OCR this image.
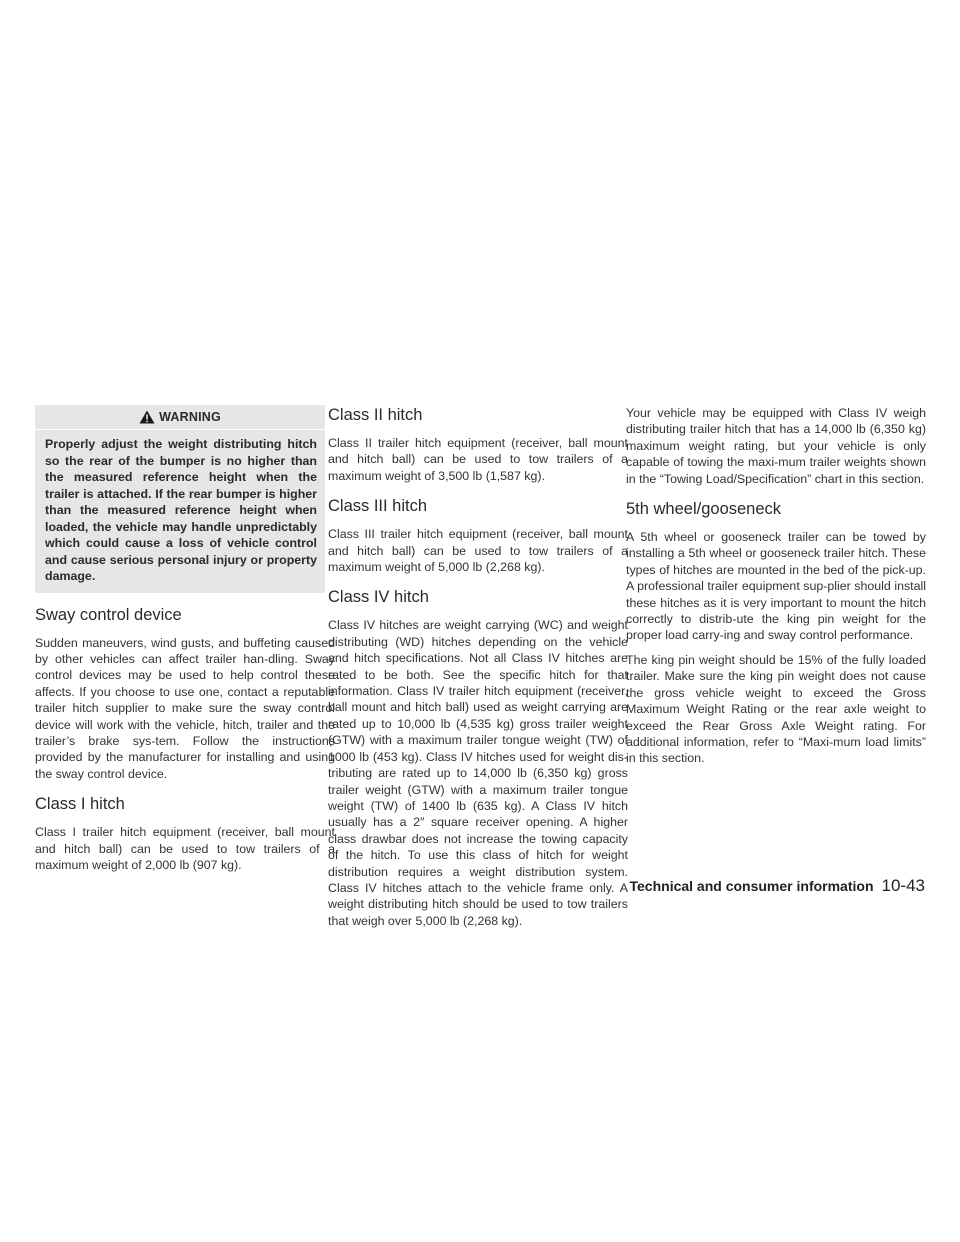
WARNING
Properly adjust the weight distributing hitch so the rear of the bumper is no higher than the measured reference height when the trailer is attached. If the rear bumper is higher than the measured reference height when loaded, the vehicle may handle unpredictably which could cause a loss of vehicle control and cause serious personal injury or property damage.
Sway control device

Sudden maneuvers, wind gusts, and buffeting caused by other vehicles can affect trailer han-dling. Sway control devices may be used to help control these affects. If you choose to use one, contact a reputable trailer hitch supplier to make sure the sway control device will work with the vehicle, hitch, trailer and the trailer’s brake sys-tem. Follow the instructions provided by the manufacturer for installing and using the sway control device.

Class I hitch

Class I trailer hitch equipment (receiver, ball mount and hitch ball) can be used to tow trailers of a maximum weight of 2,000 lb (907 kg).

Class II hitch

Class II trailer hitch equipment (receiver, ball mount and hitch ball) can be used to tow trailers of a maximum weight of 3,500 lb (1,587 kg).

Class III hitch

Class III trailer hitch equipment (receiver, ball mount and hitch ball) can be used to tow trailers of a maximum weight of 5,000 lb (2,268 kg).

Class IV hitch

Class IV hitches are weight carrying (WC) and weight distributing (WD) hitches depending on the vehicle and hitch specifications. Not all Class IV hitches are rated to be both. See the specific hitch for that information. Class IV trailer hitch equipment (receiver, ball mount and hitch ball) used as weight carrying are rated up to 10,000 lb (4,535 kg) gross trailer weight (GTW) with a maximum trailer tongue weight (TW) of 1000 lb (453 kg). Class IV hitches used for weight dis-tributing are rated up to 14,000 lb (6,350 kg) gross trailer weight (GTW) with a maximum trailer tongue weight (TW) of 1400 lb (635 kg). A Class IV hitch usually has a 2″ square receiver opening. A higher class drawbar does not increase the towing capacity of the hitch. To use this class of hitch for weight distribution requires a weight distribution system. Class IV hitches attach to the vehicle frame only. A weight distributing hitch should be used to tow trailers that weigh over 5,000 lb (2,268 kg).

Your vehicle may be equipped with Class IV weigh distributing trailer hitch that has a 14,000 lb (6,350 kg) maximum weight rating, but your vehicle is only capable of towing the maxi-mum trailer weights shown in the “Towing Load/Specification” chart in this section.

5th wheel/gooseneck

A 5th wheel or gooseneck trailer can be towed by installing a 5th wheel or gooseneck trailer hitch. These types of hitches are mounted in the bed of the pick-up. A professional trailer equipment sup-plier should install these hitches as it is very important to mount the hitch correctly to distrib-ute the king pin weight for the proper load carry-ing and sway control performance.

The king pin weight should be 15% of the fully loaded trailer. Make sure the king pin weight does not cause the gross vehicle weight to exceed the Gross Maximum Weight Rating or the rear axle weight to exceed the Rear Gross Axle Weight rating. For additional information, refer to “Maxi-mum load limits” in this section.

Technical and consumer information 10-43
